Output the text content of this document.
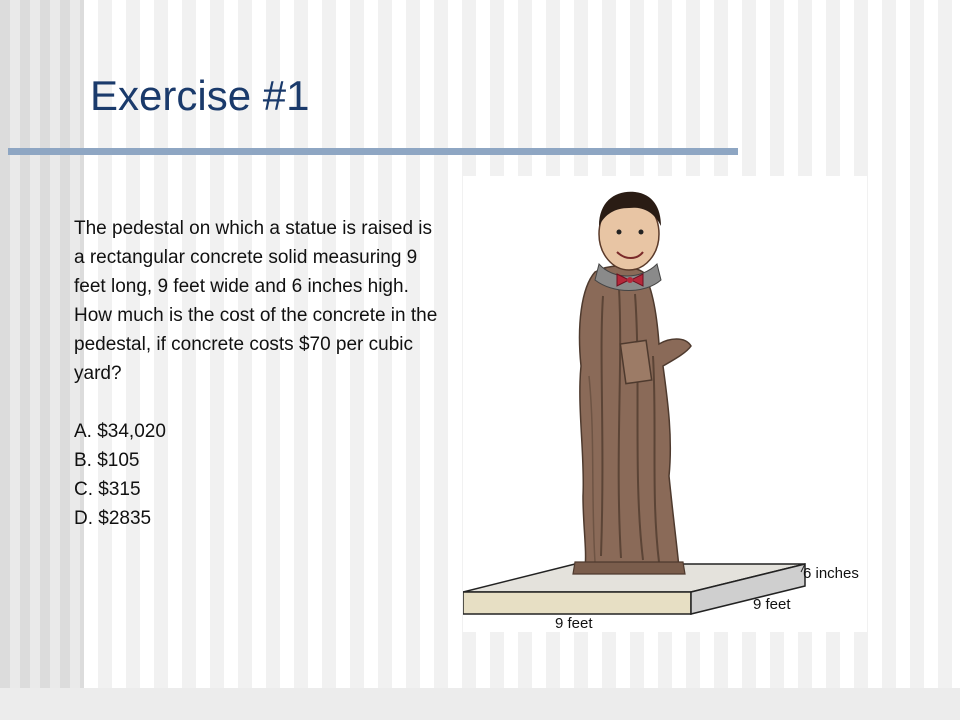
Exercise #1

The pedestal on which a statue is raised is a rectangular concrete solid measuring 9 feet long, 9 feet wide and 6 inches high. How much is the cost of the concrete in the pedestal, if concrete costs $70 per cubic yard?

A. $34,020
B. $105
C. $315
D. $2835
6 inches
9 feet
9 feet
